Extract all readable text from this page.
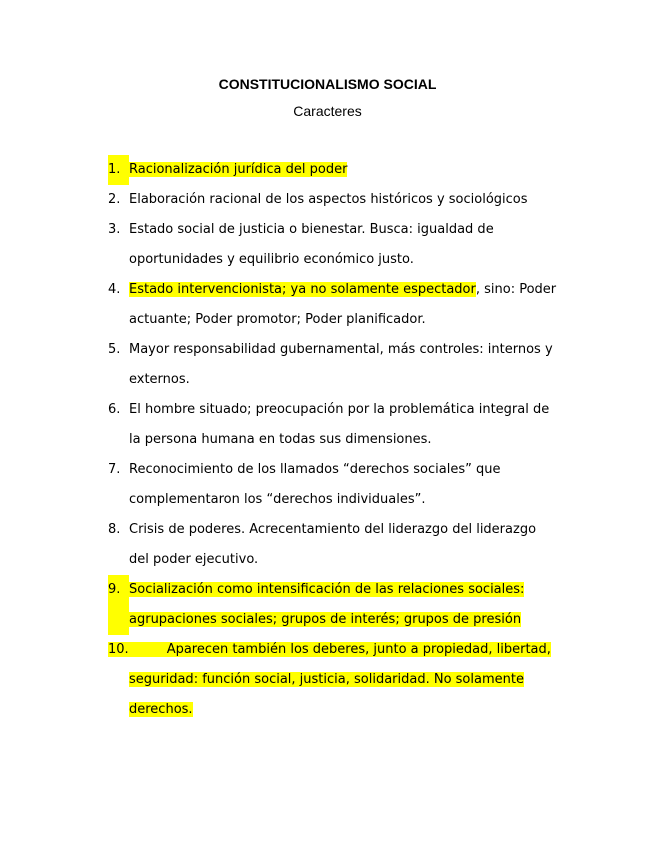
CONSTITUCIONALISMO SOCIAL
Caracteres
1. Racionalización jurídica del poder
2. Elaboración racional de los aspectos históricos y sociológicos
3. Estado social de justicia o bienestar. Busca: igualdad de
oportunidades y equilibrio económico justo.
4. Estado intervencionista; ya no solamente espectador, sino: Poder
actuante; Poder promotor; Poder planificador.
5. Mayor responsabilidad gubernamental, más controles: internos y
externos.
6. El hombre situado; preocupación por la problemática integral de
la persona humana en todas sus dimensiones.
7. Reconocimiento de los llamados “derechos sociales” que
complementaron los “derechos individuales”.
8. Crisis de poderes. Acrecentamiento del liderazgo del liderazgo
del poder ejecutivo.
9. Socialización como intensificación de las relaciones sociales:
agrupaciones sociales; grupos de interés; grupos de presión
10.	Aparecen también los deberes, junto a propiedad, libertad,
seguridad: función social, justicia, solidaridad. No solamente
derechos.
